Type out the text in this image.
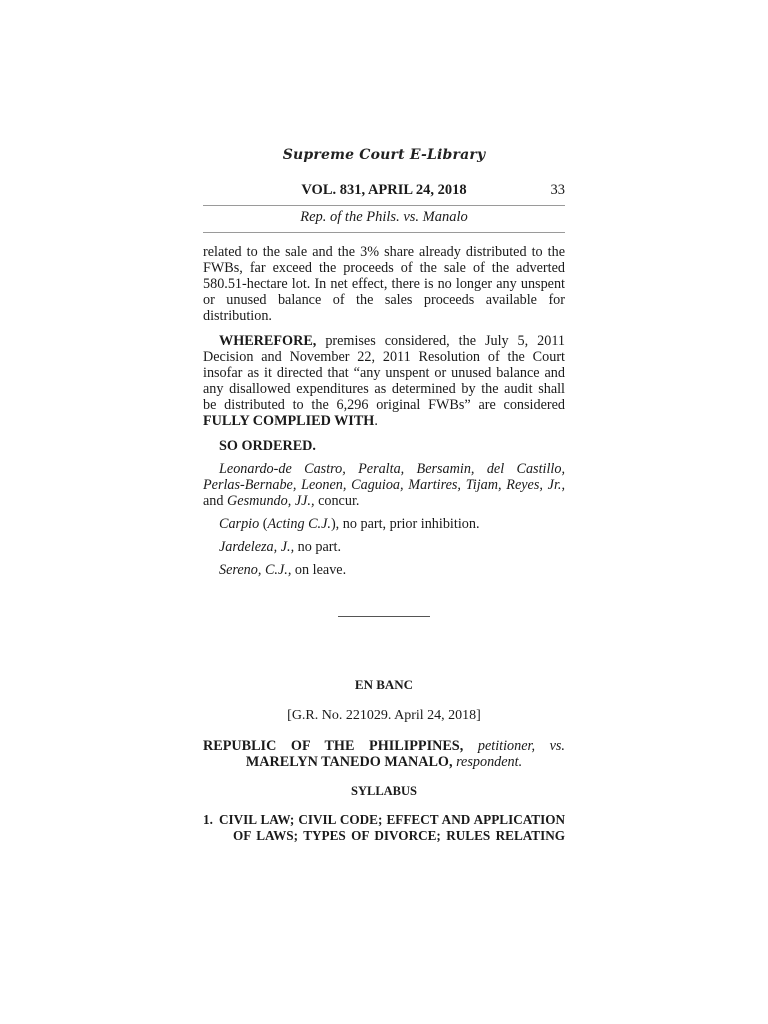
Supreme Court E-Library
VOL. 831, APRIL 24, 2018	33
Rep. of the Phils. vs. Manalo

related to the sale and the 3% share already distributed to the FWBs, far exceed the proceeds of the sale of the adverted 580.51-hectare lot. In net effect, there is no longer any unspent or unused balance of the sales proceeds available for distribution.

WHEREFORE, premises considered, the July 5, 2011 Decision and November 22, 2011 Resolution of the Court insofar as it directed that “any unspent or unused balance and any disallowed expenditures as determined by the audit shall be distributed to the 6,296 original FWBs” are considered FULLY COMPLIED WITH.

SO ORDERED.

Leonardo-de Castro, Peralta, Bersamin, del Castillo, Perlas-Bernabe, Leonen, Caguioa, Martires, Tijam, Reyes, Jr., and Gesmundo, JJ., concur.

Carpio (Acting C.J.), no part, prior inhibition.

Jardeleza, J., no part.

Sereno, C.J., on leave.

EN BANC
[G.R. No. 221029. April 24, 2018]
REPUBLIC OF THE PHILIPPINES, petitioner, vs.
MARELYN TANEDO MANALO, respondent.
SYLLABUS
1. CIVIL LAW; CIVIL CODE; EFFECT AND APPLICATION
OF LAWS; TYPES OF DIVORCE; RULES RELATING
